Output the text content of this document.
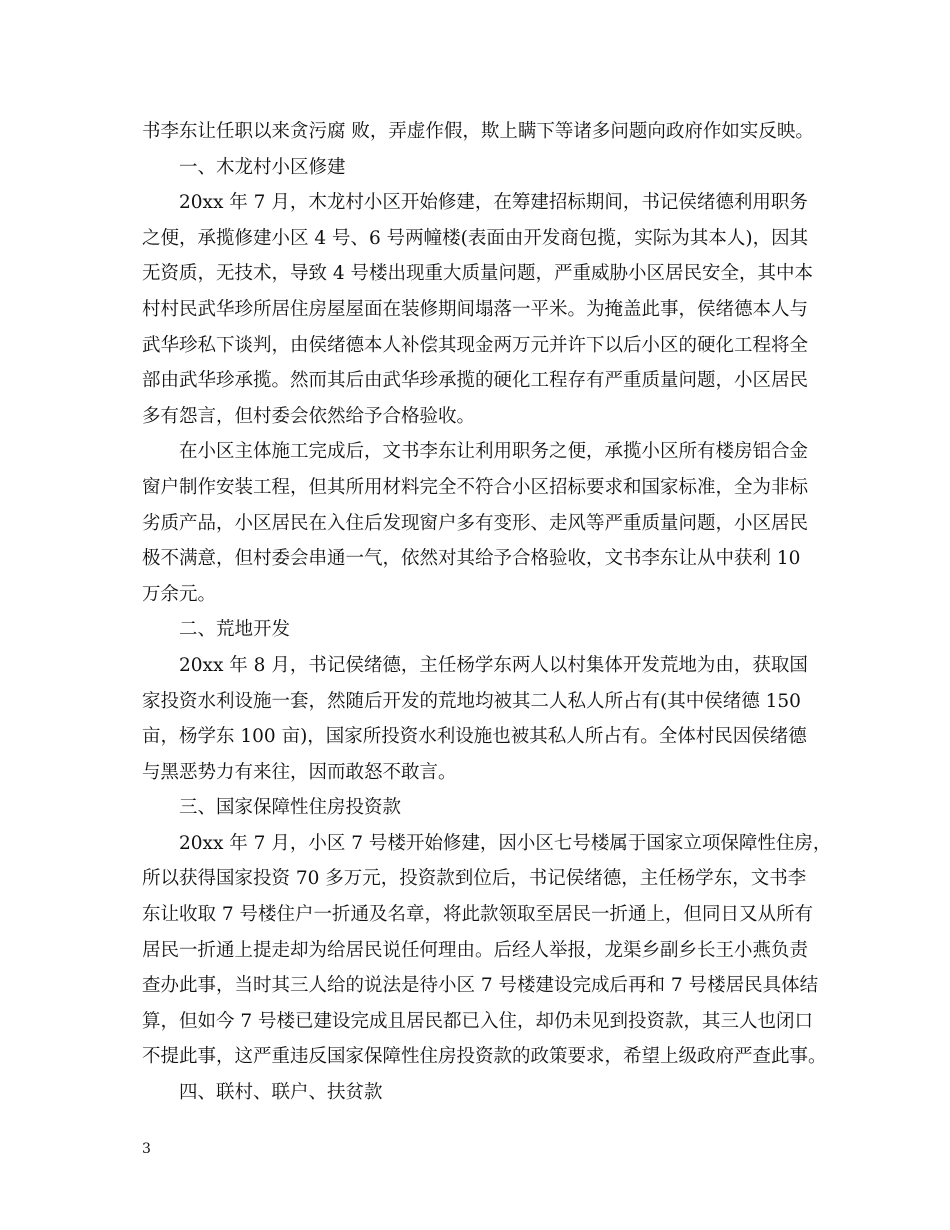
书李东让任职以来贪污腐 败，弄虚作假，欺上瞒下等诸多问题向政府作如实反映。
一、木龙村小区修建
20xx 年 7 月，木龙村小区开始修建，在筹建招标期间，书记侯绪德利用职务
之便，承揽修建小区 4 号、6 号两幢楼(表面由开发商包揽，实际为其本人)，因其
无资质，无技术，导致 4 号楼出现重大质量问题，严重威胁小区居民安全，其中本
村村民武华珍所居住房屋屋面在装修期间塌落一平米。为掩盖此事，侯绪德本人与
武华珍私下谈判，由侯绪德本人补偿其现金两万元并许下以后小区的硬化工程将全
部由武华珍承揽。然而其后由武华珍承揽的硬化工程存有严重质量问题，小区居民
多有怨言，但村委会依然给予合格验收。
在小区主体施工完成后，文书李东让利用职务之便，承揽小区所有楼房铝合金
窗户制作安装工程，但其所用材料完全不符合小区招标要求和国家标准，全为非标
劣质产品，小区居民在入住后发现窗户多有变形、走风等严重质量问题，小区居民
极不满意，但村委会串通一气，依然对其给予合格验收，文书李东让从中获利 10
万余元。
二、荒地开发
20xx 年 8 月，书记侯绪德，主任杨学东两人以村集体开发荒地为由，获取国
家投资水利设施一套，然随后开发的荒地均被其二人私人所占有(其中侯绪德 150
亩，杨学东 100 亩)，国家所投资水利设施也被其私人所占有。全体村民因侯绪德
与黑恶势力有来往，因而敢怒不敢言。
三、国家保障性住房投资款
20xx 年 7 月，小区 7 号楼开始修建，因小区七号楼属于国家立项保障性住房，
所以获得国家投资 70 多万元，投资款到位后，书记侯绪德，主任杨学东，文书李
东让收取 7 号楼住户一折通及名章，将此款领取至居民一折通上，但同日又从所有
居民一折通上提走却为给居民说任何理由。后经人举报，龙渠乡副乡长王小燕负责
查办此事，当时其三人给的说法是待小区 7 号楼建设完成后再和 7 号楼居民具体结
算，但如今 7 号楼已建设完成且居民都已入住，却仍未见到投资款，其三人也闭口
不提此事，这严重违反国家保障性住房投资款的政策要求，希望上级政府严查此事。
四、联村、联户、扶贫款
3
